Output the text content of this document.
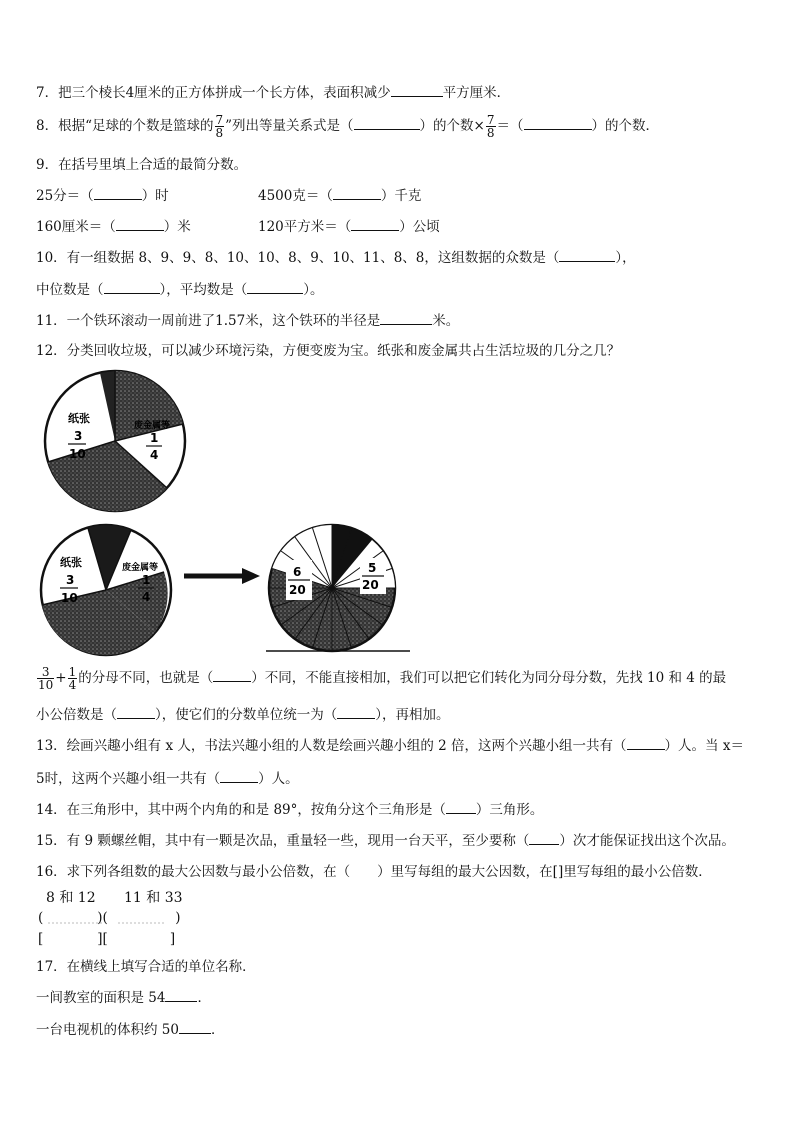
7．把三个棱长4厘米的正方体拼成一个长方体，表面积减少	平方厘米．
8．根据“足球的个数是篮球的 $\frac{7}{8}$ ”列出等量关系式是（	）的个数× $\frac{7}{8}$ ＝（	）的个数．
9．在括号里填上合适的最简分数。
25分＝（	）时	4500克＝（	）千克
160厘米＝（	）米	120平方米＝（	）公顷
10．有一组数据 8、9、9、8、10、10、8、9、10、11、8、8，这组数据的众数是（	），
中位数是（	），平均数是（	）。
11．一个铁环滚动一周前进了1.57米，这个铁环的半径是	米。
12．分类回收垃圾，可以减少环境污染，方便变废为宝。纸张和废金属共占生活垃圾的几分之几？
纸张
3
10
废金属等
1
4
纸张
3
10
废金属等
1
4
6
20
5
20
$\frac{3}{10} + \frac{1}{4}$ 的分母不同，也就是（	）不同，不能直接相加，我们可以把它们转化为同分母分数，先找 10 和 4 的最
小公倍数是（	），使它们的分数单位统一为（	），再相加。
13．绘画兴趣小组有 x 人，书法兴趣小组的人数是绘画兴趣小组的 2 倍，这两个兴趣小组一共有（	）人。当 x＝
5时，这两个兴趣小组一共有（	）人。
14．在三角形中，其中两个内角的和是 89°，按角分这个三角形是（ ）三角形。
15．有 9 颗螺丝帽，其中有一颗是次品，重量轻一些，现用一台天平，至少要称（ ）次才能保证找出这个次品。
16．求下列各组数的最大公因数与最小公倍数，在（　　）里写每组的最大公因数，在[]里写每组的最小公倍数．
8 和 12 11 和 33
(　　　　)(　　　　　)
[　　　　][	]
17．在横线上填写合适的单位名称．
一间教室的面积是 54 ．
一台电视机的体积约 50 ．
